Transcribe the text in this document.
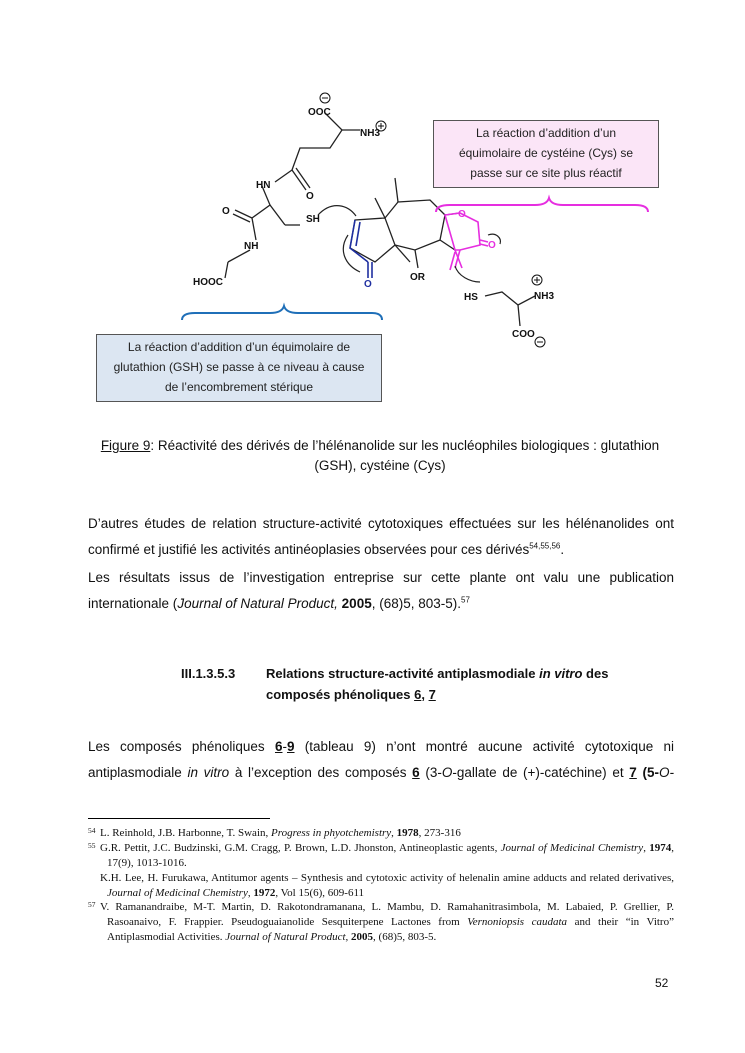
OOC
NH3
HN
O
O
SH
NH
HOOC	O
OR
O
O
HS	NH3
COO
La réaction d’addition d’un équimolaire de
glutathion (GSH) se passe à ce niveau à cause
de l’encombrement stérique
La réaction d’addition d’un
équimolaire de cystéine (Cys) se
passe sur ce site plus réactif
Figure 9: Réactivité des dérivés de l’hélénanolide sur les nucléophiles biologiques : glutathion
(GSH), cystéine (Cys)
D’autres études de relation structure-activité cytotoxiques effectuées sur les hélénanolides ont
confirmé et justifié les activités antinéoplasies observées pour ces dérivés$^{54,55,56}$.
Les résultats issus de l’investigation entreprise sur cette plante ont valu une publication
internationale (Journal of Natural Product, 2005, (68)5, 803-5).$^{57}$
III.1.3.5.3 Relations structure-activité antiplasmodiale in vitro des
composés phénoliques 6, 7
Les composés phénoliques 6-9 (tableau 9) n’ont montré aucune activité cytotoxique ni
antiplasmodiale in vitro à l’exception des composés 6 (3-O-gallate de (+)-catéchine) et 7 (5-O-
54 L. Reinhold, J.B. Harbonne, T. Swain, Progress in phyotchemistry, 1978, 273-316
55 G.R. Pettit, J.C. Budzinski, G.M. Cragg, P. Brown, L.D. Jhonston, Antineoplastic agents, Journal of Medicinal Chemistry, 1974, 17(9), 1013-1016.
K.H. Lee, H. Furukawa, Antitumor agents – Synthesis and cytotoxic activity of helenalin amine adducts and related derivatives, Journal of Medicinal Chemistry, 1972, Vol 15(6), 609-611
57 V. Ramanandraibe, M-T. Martin, D. Rakotondramanana, L. Mambu, D. Ramahanitrasimbola, M. Labaied, P. Grellier, P. Rasoanaivo, F. Frappier. Pseudoguaianolide Sesquiterpene Lactones from Vernoniopsis caudata and their “in Vitro” Antiplasmodial Activities. Journal of Natural Product, 2005, (68)5, 803-5.
52
